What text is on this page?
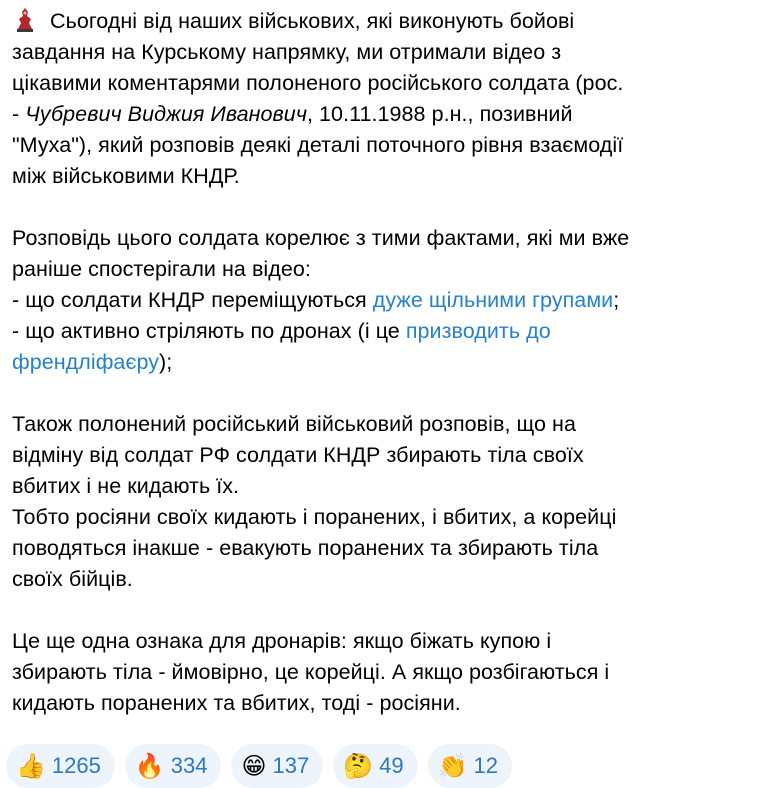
Сьогодні від наших військових, які виконують бойові
завдання на Курському напрямку, ми отримали відео з
цікавими коментарями полоненого російського солдата (рос.
- Чубревич Виджия Иванович, 10.11.1988 р.н., позивний
"Муха"), який розповів деякі деталі поточного рівня взаємодії
між військовими КНДР.

Розповідь цього солдата корелює з тими фактами, які ми вже
раніше спостерігали на відео:
- що солдати КНДР переміщуються дуже щільними групами;
- що активно стріляють по дронах (і це призводить до
френдліфаєру);

Також полонений російський військовий розповів, що на
відміну від солдат РФ солдати КНДР збирають тіла своїх
вбитих і не кидають їх.
Тобто росіяни своїх кидають і поранених, і вбитих, а корейці
поводяться інакше - евакують поранених та збирають тіла
своїх бійців.

Це ще одна ознака для дронарів: якщо біжать купою і
збирають тіла - ймовірно, це корейці. А якщо розбігаються і
кидають поранених та вбитих, тоді - росіяни.

👍 1265 🔥 334 😁 137 🤔 49 👏 12
